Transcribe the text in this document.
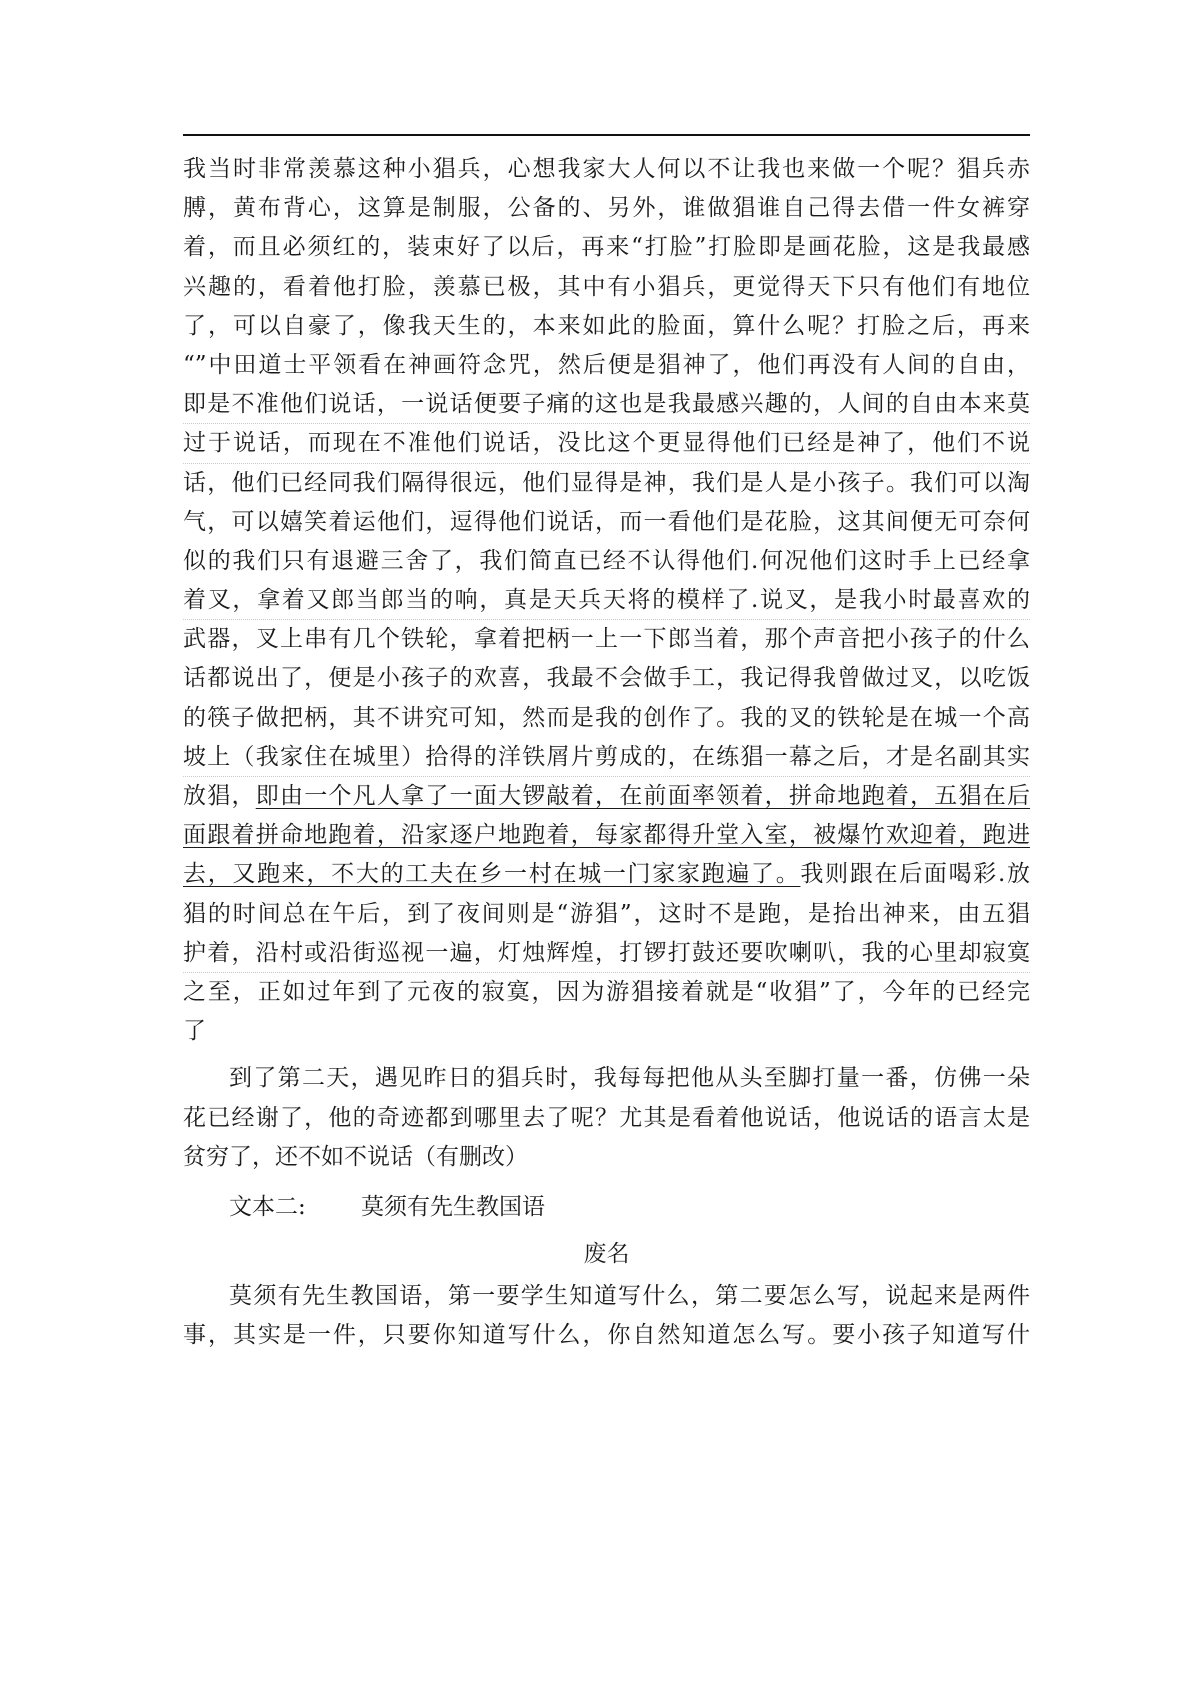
我当时非常羡慕这种小猖兵，心想我家大人何以不让我也来做一个呢？猖兵赤
膊，黄布背心，这算是制服，公备的、另外，谁做猖谁自己得去借一件女裤穿
着，而且必须红的，装束好了以后，再来“打脸”打脸即是画花脸，这是我最感
兴趣的，看着他打脸，羡慕已极，其中有小猖兵，更觉得天下只有他们有地位
了，可以自豪了，像我天生的，本来如此的脸面，算什么呢？打脸之后，再来
“”中田道士平领看在神画符念咒，然后便是猖神了，他们再没有人间的自由，
即是不准他们说话，一说话便要子痛的这也是我最感兴趣的，人间的自由本来莫
过于说话，而现在不准他们说话，没比这个更显得他们已经是神了，他们不说
话，他们已经同我们隔得很远，他们显得是神，我们是人是小孩子。我们可以淘
气，可以嬉笑着运他们，逗得他们说话，而一看他们是花脸，这其间便无可奈何
似的我们只有退避三舍了，我们简直已经不认得他们.何况他们这时手上已经拿
着叉，拿着又郎当郎当的响，真是天兵天将的模样了.说叉，是我小时最喜欢的
武器，叉上串有几个铁轮，拿着把柄一上一下郎当着，那个声音把小孩子的什么
话都说出了，便是小孩子的欢喜，我最不会做手工，我记得我曾做过叉，以吃饭
的筷子做把柄，其不讲究可知，然而是我的创作了。我的叉的铁轮是在城一个高
坡上（我家住在城里）拾得的洋铁屑片剪成的，在练猖一幕之后，才是名副其实
放猖，即由一个凡人拿了一面大锣敲着，在前面率领着，拼命地跑着，五猖在后
面跟着拼命地跑着，沿家逐户地跑着，每家都得升堂入室，被爆竹欢迎着，跑进
去，又跑来，不大的工夫在乡一村在城一门家家跑遍了。我则跟在后面喝彩.放
猖的时间总在午后，到了夜间则是“游猖”，这时不是跑，是抬出神来，由五猖
护着，沿村或沿街巡视一遍，灯烛辉煌，打锣打鼓还要吹喇叭，我的心里却寂寞
之至，正如过年到了元夜的寂寞，因为游猖接着就是“收猖”了，今年的已经完
了
到了第二天，遇见昨日的猖兵时，我每每把他从头至脚打量一番，仿佛一朵
花已经谢了，他的奇迹都到哪里去了呢？尤其是看着他说话，他说话的语言太是
贫穷了，还不如不说话（有删改）
文本二: 莫须有先生教国语
废名
莫须有先生教国语，第一要学生知道写什么，第二要怎么写，说起来是两件
事，其实是一件，只要你知道写什么，你自然知道怎么写。要小孩子知道写什
